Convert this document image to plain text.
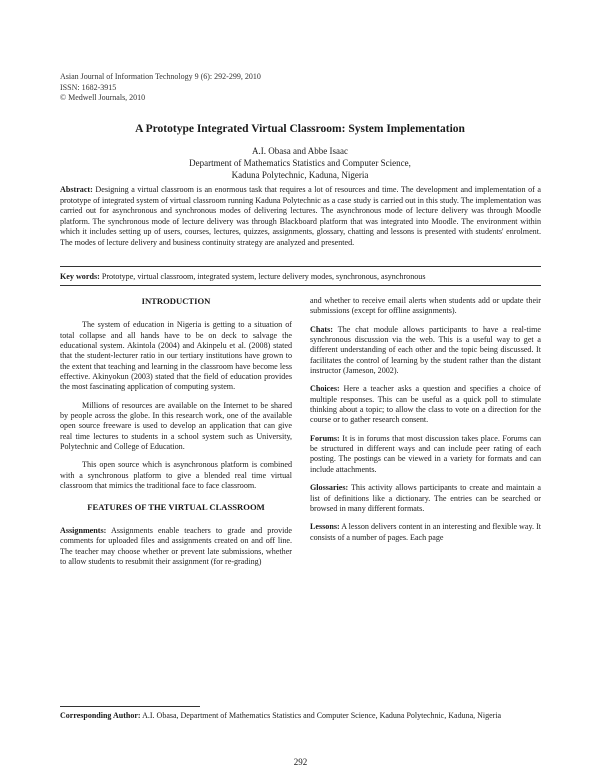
Asian Journal of Information Technology 9 (6): 292-299, 2010
ISSN: 1682-3915
© Medwell Journals, 2010
A Prototype Integrated Virtual Classroom: System Implementation
A.I. Obasa and Abbe Isaac
Department of Mathematics Statistics and Computer Science,
Kaduna Polytechnic, Kaduna, Nigeria
Abstract: Designing a virtual classroom is an enormous task that requires a lot of resources and time. The development and implementation of a prototype of integrated system of virtual classroom running Kaduna Polytechnic as a case study is carried out in this study. The implementation was carried out for asynchronous and synchronous modes of delivering lectures. The asynchronous mode of lecture delivery was through Moodle platform. The synchronous mode of lecture delivery was through Blackboard platform that was integrated into Moodle. The environment within which it includes setting up of users, courses, lectures, quizzes, assignments, glossary, chatting and lessons is presented with students' enrolment. The modes of lecture delivery and business continuity strategy are analyzed and presented.
Key words: Prototype, virtual classroom, integrated system, lecture delivery modes, synchronous, asynchronous
INTRODUCTION

The system of education in Nigeria is getting to a situation of total collapse and all hands have to be on deck to salvage the educational system. Akintola (2004) and Akinpelu et al. (2008) stated that the student-lecturer ratio in our tertiary institutions have grown to the extent that teaching and learning in the classroom have become less effective. Akinyokun (2003) stated that the field of education provides the most fascinating application of computing system.

Millions of resources are available on the Internet to be shared by people across the globe. In this research work, one of the available open source freeware is used to develop an application that can give real time lectures to students in a school system such as University, Polytechnic and College of Education.

This open source which is asynchronous platform is combined with a synchronous platform to give a blended real time virtual classroom that mimics the traditional face to face classroom.

FEATURES OF THE VIRTUAL CLASSROOM

Assignments: Assignments enable teachers to grade and provide comments for uploaded files and assignments created on and off line. The teacher may choose whether or prevent late submissions, whether to allow students to resubmit their assignment (for re-grading)

and whether to receive email alerts when students add or update their submissions (except for offline assignments).

Chats: The chat module allows participants to have a real-time synchronous discussion via the web. This is a useful way to get a different understanding of each other and the topic being discussed. It facilitates the control of learning by the student rather than the distant instructor (Jameson, 2002).

Choices: Here a teacher asks a question and specifies a choice of multiple responses. This can be useful as a quick poll to stimulate thinking about a topic; to allow the class to vote on a direction for the course or to gather research consent.

Forums: It is in forums that most discussion takes place. Forums can be structured in different ways and can include peer rating of each posting. The postings can be viewed in a variety for formats and can include attachments.

Glossaries: This activity allows participants to create and maintain a list of definitions like a dictionary. The entries can be searched or browsed in many different formats.

Lessons: A lesson delivers content in an interesting and flexible way. It consists of a number of pages. Each page

Corresponding Author: A.I. Obasa, Department of Mathematics Statistics and Computer Science, Kaduna Polytechnic, Kaduna, Nigeria
292
